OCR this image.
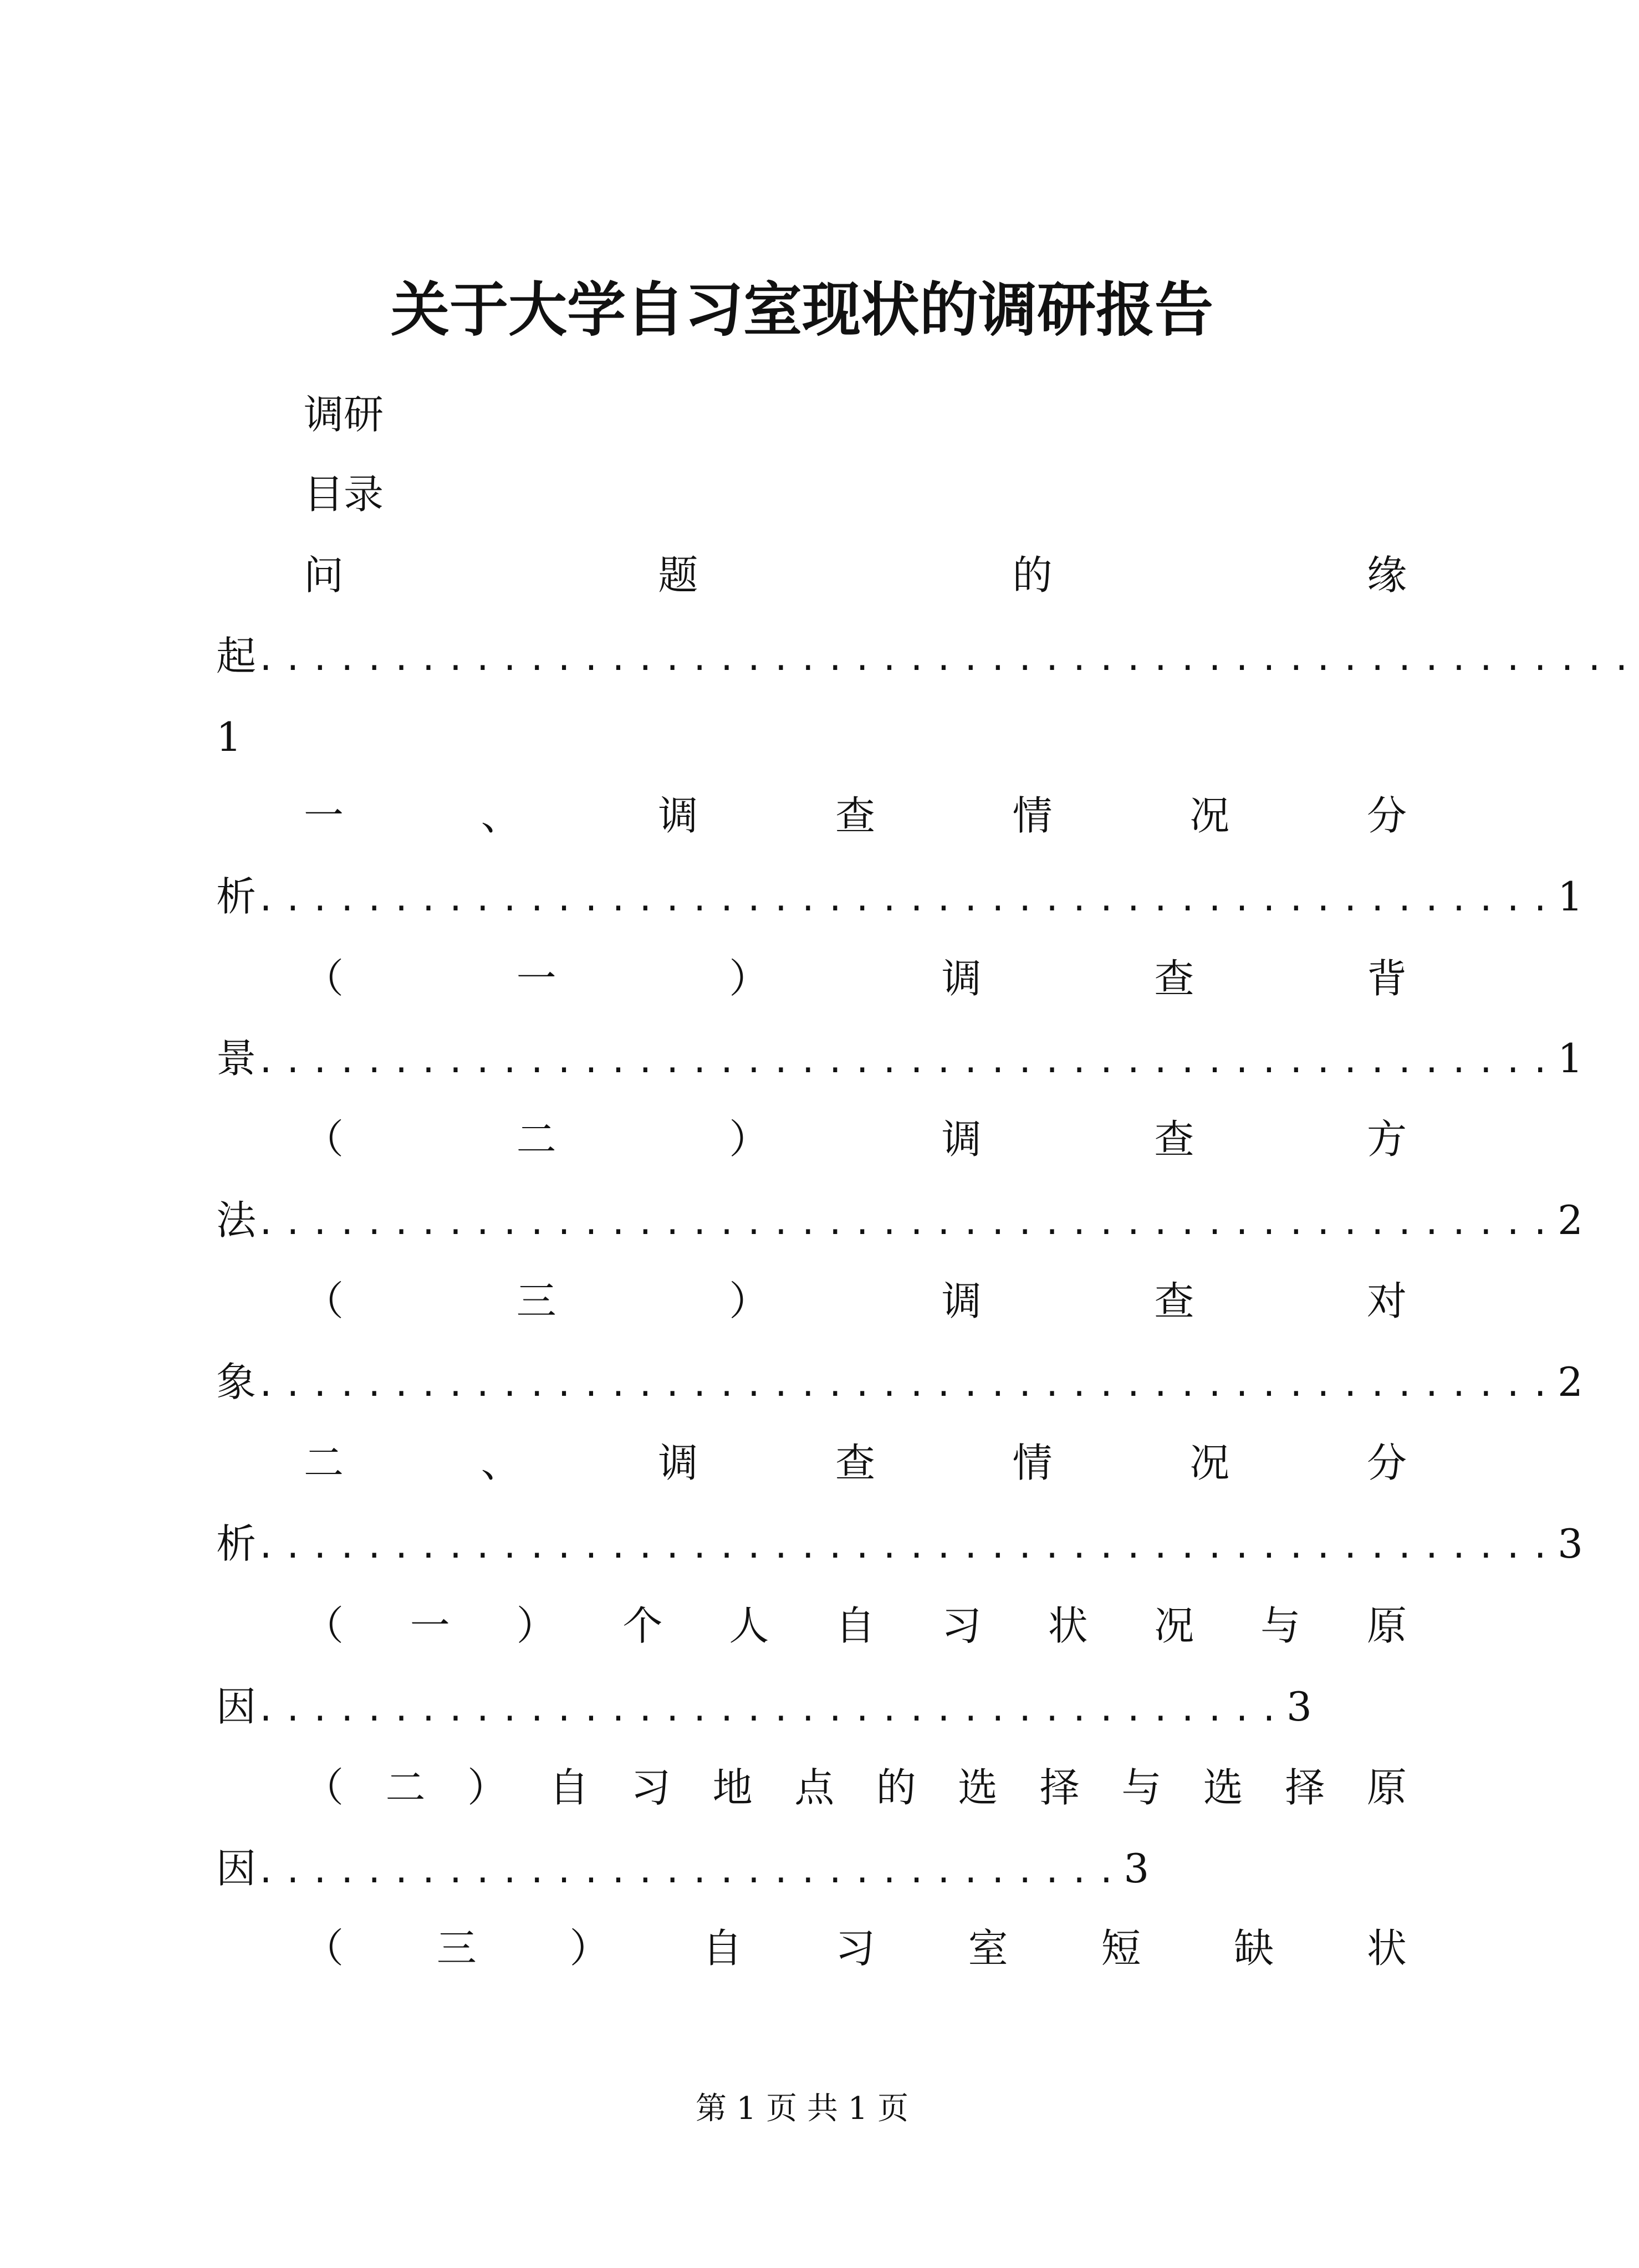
关于大学自习室现状的调研报告
调研
目录
问	题	的	缘
起 ...................................................
1
一	、	调	查	情	况	分
析 ................................................ 1
（	一	）	调	查	背
景 ................................................ 1
（	二	）	调	查	方
法 ................................................ 2
（	三	）	调	查	对
象 ................................................ 2
二	、	调	查	情	况	分
析 ................................................ 3
（ 一 ） 个 人 自 习 状 况 与 原
因 ...................................... 3
（ 二 ） 自 习 地 点 的 选 择 与 选 择 原
因 ................................ 3
（ 三 ） 自 习 室 短 缺 状
第 1 页 共 1 页
